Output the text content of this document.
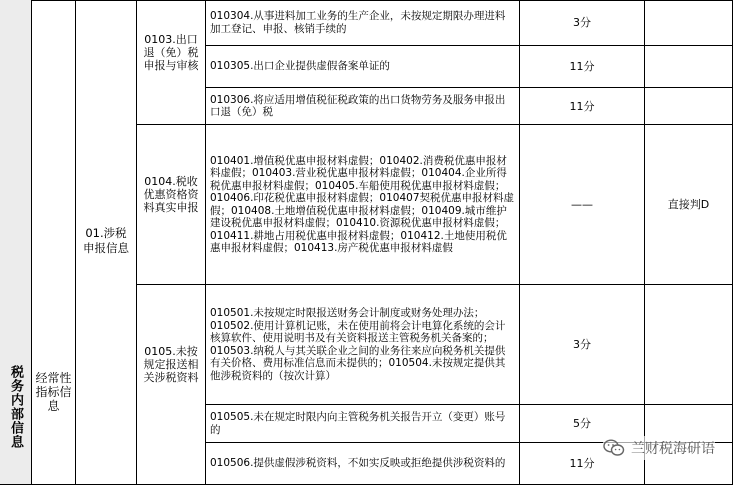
税务内部信息 经常性指标信息
01.涉税申报信息
0103.出口退（免）税申报与审核
0104.税收优惠资格资料真实申报
0105.未按规定报送相关涉税资料
010304.从事进料加工业务的生产企业，未按规定期限办理进料加工登记、申报、核销手续的
010305.出口企业提供虚假备案单证的
010306.将应适用增值税征税政策的出口货物劳务及服务申报出口退（免）税
010401.增值税优惠申报材料虚假；010402.消费税优惠申报材料虚假；010403.营业税优惠申报材料虚假；010404.企业所得税优惠申报材料虚假；010405.车船使用税优惠申报材料虚假；010406.印花税优惠申报材料虚假；010407契税优惠申报材料虚假；010408.土地增值税优惠申报材料虚假；010409.城市维护建设税优惠申报材料虚假；010410.资源税优惠申报材料虚假；010411.耕地占用税优惠申报材料虚假；010412.土地使用税优惠申报材料虚假；010413.房产税优惠申报材料虚假
010501.未按规定时限报送财务会计制度或财务处理办法；010502.使用计算机记账，未在使用前将会计电算化系统的会计核算软件、使用说明书及有关资料报送主管税务机关备案的；010503.纳税人与其关联企业之间的业务往来应向税务机关提供有关价格、费用标准信息而未提供的；010504.未按规定提供其他涉税资料的（按次计算）
010505.未在规定时限内向主管税务机关报告开立（变更）账号的
010506.提供虚假涉税资料，不如实反映或拒绝提供涉税资料的
3分
11分
11分
——
3分
5分
11分
直接判D
兰财税海研语
